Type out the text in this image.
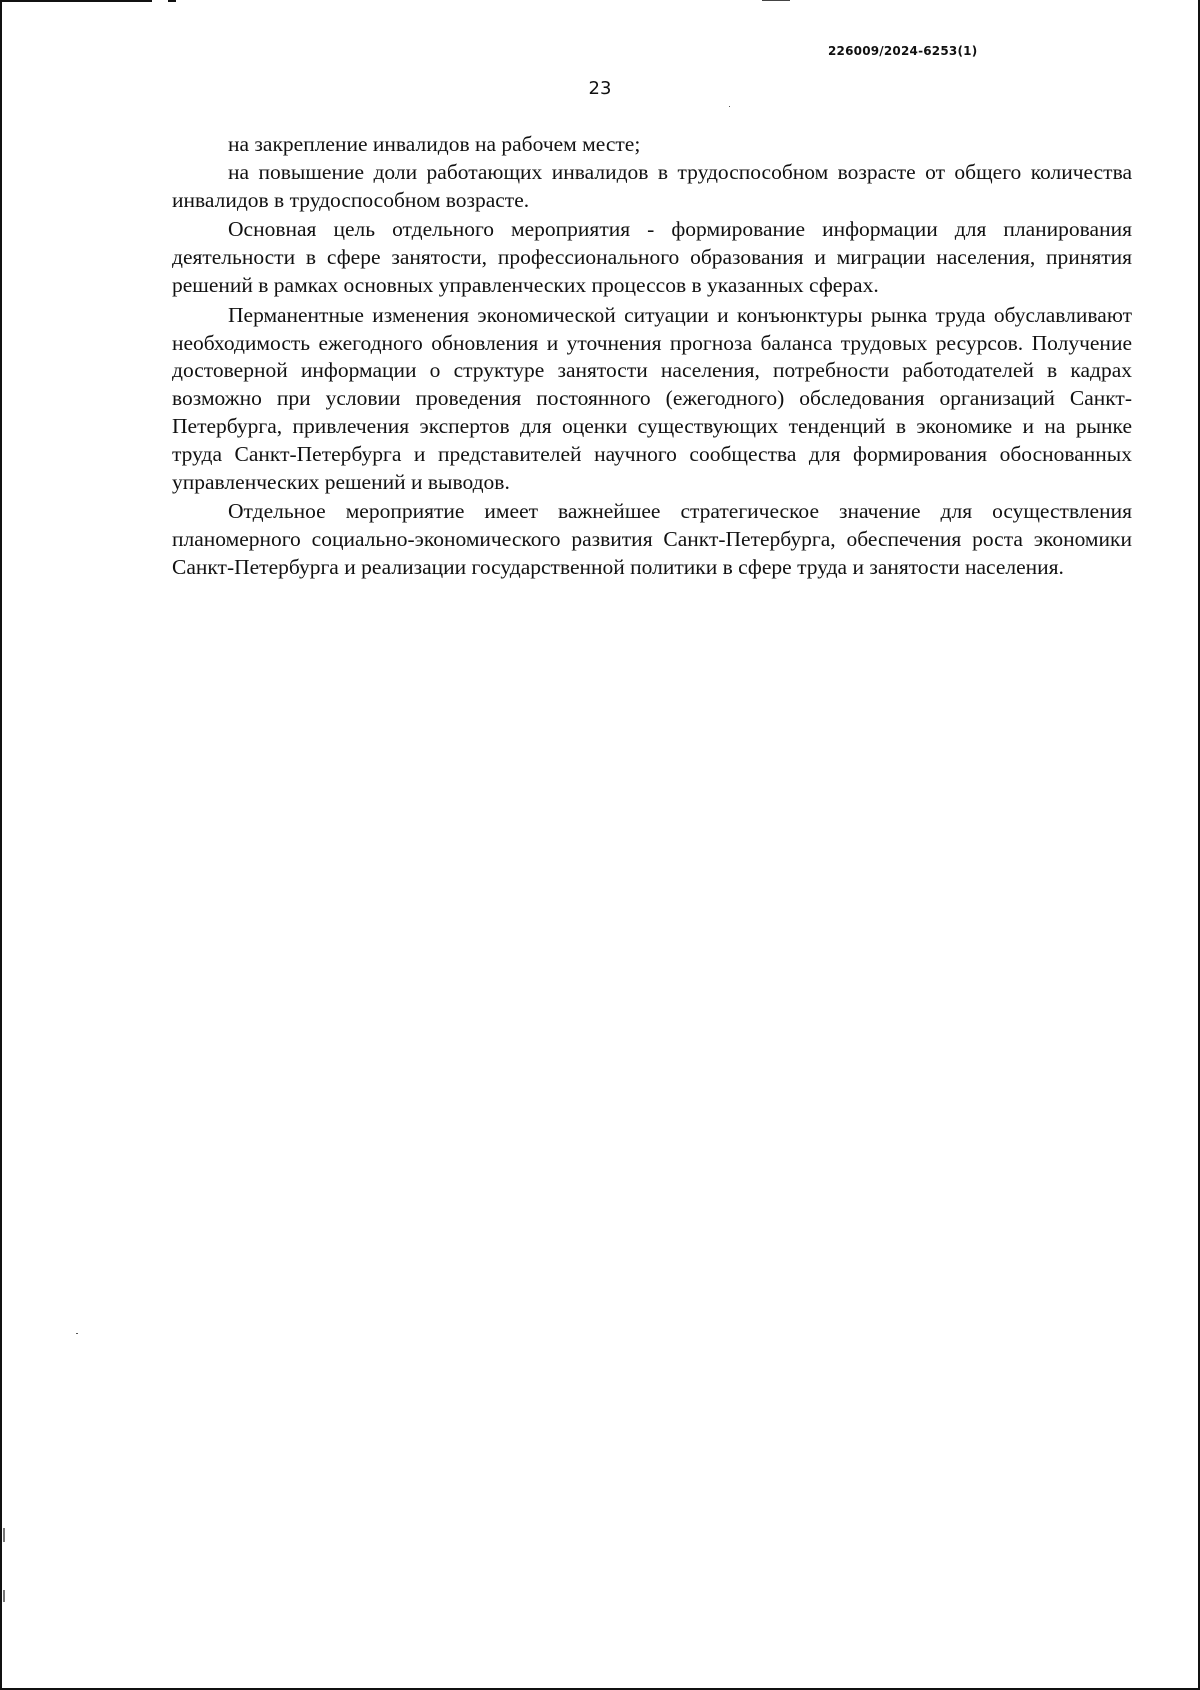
226009/2024-6253(1)
23

на закрепление инвалидов на рабочем месте;

на повышение доли работающих инвалидов в трудоспособном возрасте от общего количества инвалидов в трудоспособном возрасте.

Основная цель отдельного мероприятия - формирование информации для планирования деятельности в сфере занятости, профессионального образования и миграции населения, принятия решений в рамках основных управленческих процессов в указанных сферах.

Перманентные изменения экономической ситуации и конъюнктуры рынка труда обуславливают необходимость ежегодного обновления и уточнения прогноза баланса трудовых ресурсов. Получение достоверной информации о структуре занятости населения, потребности работодателей в кадрах возможно при условии проведения постоянного (ежегодного) обследования организаций Санкт-Петербурга, привлечения экспертов для оценки существующих тенденций в экономике и на рынке труда Санкт-Петербурга и представителей научного сообщества для формирования обоснованных управленческих решений и выводов.

Отдельное мероприятие имеет важнейшее стратегическое значение для осуществления планомерного социально-экономического развития Санкт-Петербурга, обеспечения роста экономики Санкт-Петербурга и реализации государственной политики в сфере труда и занятости населения.
